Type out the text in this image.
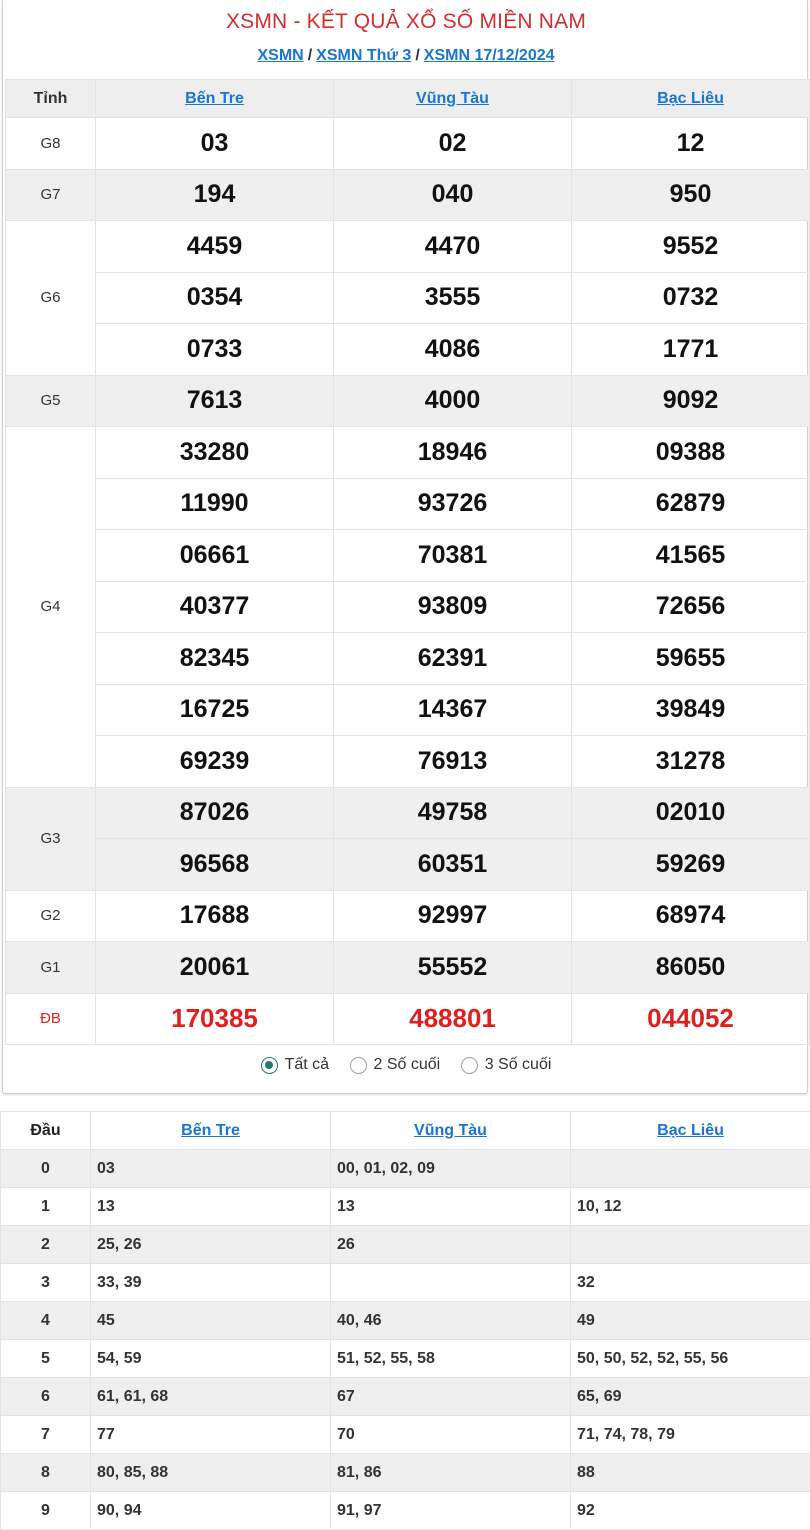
XSMN - KẾT QUẢ XỔ SỐ MIỀN NAM
XSMN / XSMN Thứ 3 / XSMN 17/12/2024
Tỉnh	Bến Tre	Vũng Tàu	Bạc Liêu
G8	03	02	12
G7	194	040	950
G6	4459	4470	9552
	0354	3555	0732
	0733	4086	1771
G5	7613	4000	9092
G4	33280	18946	09388
	11990	93726	62879
	06661	70381	41565
	40377	93809	72656
	82345	62391	59655
	16725	14367	39849
	69239	76913	31278
G3	87026	49758	02010
	96568	60351	59269
G2	17688	92997	68974
G1	20061	55552	86050
ĐB	170385	488801	044052
Tất cả
	2 Số cuối
	3 Số cuối
Đầu	Bến Tre	Vũng Tàu	Bạc Liêu
0	03	00, 01, 02, 09	
1	13	13	10, 12
2	25, 26	26	
3	33, 39		32
4	45	40, 46	49
5	54, 59	51, 52, 55, 58	50, 50, 52, 52, 55, 56
6	61, 61, 68	67	65, 69
7	77	70	71, 74, 78, 79
8	80, 85, 88	81, 86	88
9	90, 94	91, 97	92
